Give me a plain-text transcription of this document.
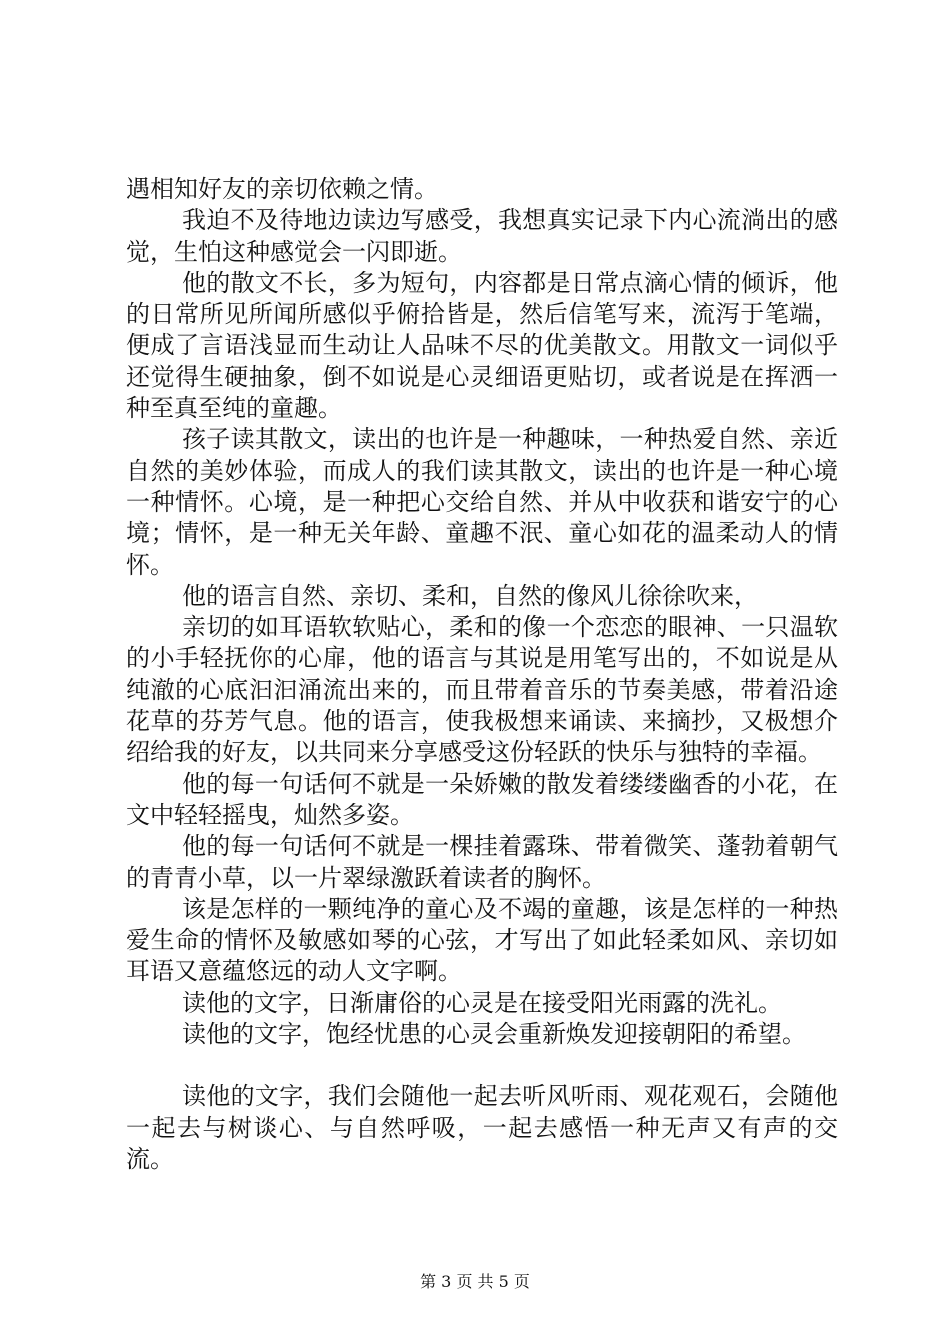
遇相知好友的亲切依赖之情。

我迫不及待地边读边写感受，我想真实记录下内心流淌出的感觉，生怕这种感觉会一闪即逝。

他的散文不长，多为短句，内容都是日常点滴心情的倾诉，他的日常所见所闻所感似乎俯拾皆是，然后信笔写来，流泻于笔端，便成了言语浅显而生动让人品味不尽的优美散文。用散文一词似乎还觉得生硬抽象，倒不如说是心灵细语更贴切，或者说是在挥洒一种至真至纯的童趣。

孩子读其散文，读出的也许是一种趣味，一种热爱自然、亲近自然的美妙体验，而成人的我们读其散文，读出的也许是一种心境一种情怀。心境，是一种把心交给自然、并从中收获和谐安宁的心境；情怀，是一种无关年龄、童趣不泯、童心如花的温柔动人的情怀。

他的语言自然、亲切、柔和，自然的像风儿徐徐吹来，

亲切的如耳语软软贴心，柔和的像一个恋恋的眼神、一只温软的小手轻抚你的心扉，他的语言与其说是用笔写出的，不如说是从纯澈的心底汩汩涌流出来的，而且带着音乐的节奏美感，带着沿途花草的芬芳气息。他的语言，使我极想来诵读、来摘抄，又极想介绍给我的好友，以共同来分享感受这份轻跃的快乐与独特的幸福。

他的每一句话何不就是一朵娇嫩的散发着缕缕幽香的小花，在文中轻轻摇曳，灿然多姿。

他的每一句话何不就是一棵挂着露珠、带着微笑、蓬勃着朝气的青青小草，以一片翠绿激跃着读者的胸怀。

该是怎样的一颗纯净的童心及不竭的童趣，该是怎样的一种热爱生命的情怀及敏感如琴的心弦，才写出了如此轻柔如风、亲切如耳语又意蕴悠远的动人文字啊。

读他的文字，日渐庸俗的心灵是在接受阳光雨露的洗礼。

读他的文字，饱经忧患的心灵会重新焕发迎接朝阳的希望。

读他的文字，我们会随他一起去听风听雨、观花观石，会随他一起去与树谈心、与自然呼吸，一起去感悟一种无声又有声的交流。

第 3 页 共 5 页
